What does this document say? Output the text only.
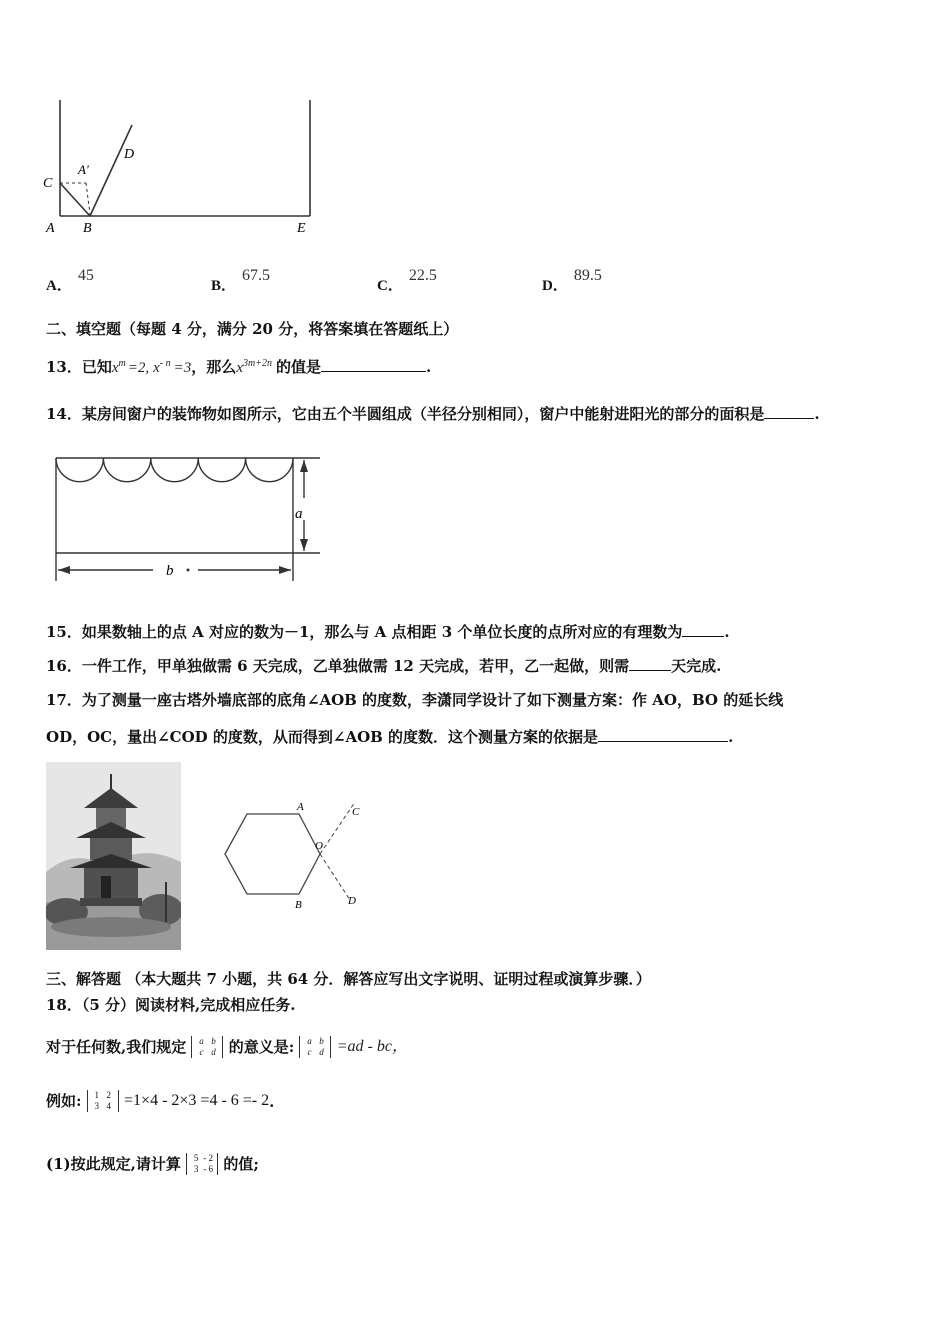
C
A′
D
A B	E
A．45
B．67.5
C．22.5
D．89.5
二、填空题（每题 4 分，满分 20 分，将答案填在答题纸上）
13．已知$x^m =2$, $x^{- n} =3$，那么$x^{3m+2n}$ 的值是	.
14．某房间窗户的装饰物如图所示，它由五个半圆组成（半径分别相同），窗户中能射进阳光的部分的面积是	.
a
b
15．如果数轴上的点 A 对应的数为－1，那么与 A 点相距 3 个单位长度的点所对应的有理数为	.
16．一件工作，甲单独做需 6 天完成，乙单独做需 12 天完成，若甲，乙一起做，则需	天完成.
17．为了测量一座古塔外墙底部的底角∠AOB 的度数，李潇同学设计了如下测量方案：作 AO，BO 的延长线
OD，OC，量出∠COD 的度数，从而得到∠AOB 的度数．这个测量方案的依据是	.
A	C
O
B	D
三、解答题 （本大题共 7 小题，共 64 分．解答应写出文字说明、证明过程或演算步骤．）
18．（5 分）阅读材料,完成相应任务.
对于任何数,我们规定 a b
c d 的意义是: a b
c d =ad - bc，
例如: 1 2
3 4 =1×4 - 2×3 =4 - 6 =- 2.
(1)按此规定,请计算 5 - 2
3 - 6 的值;
